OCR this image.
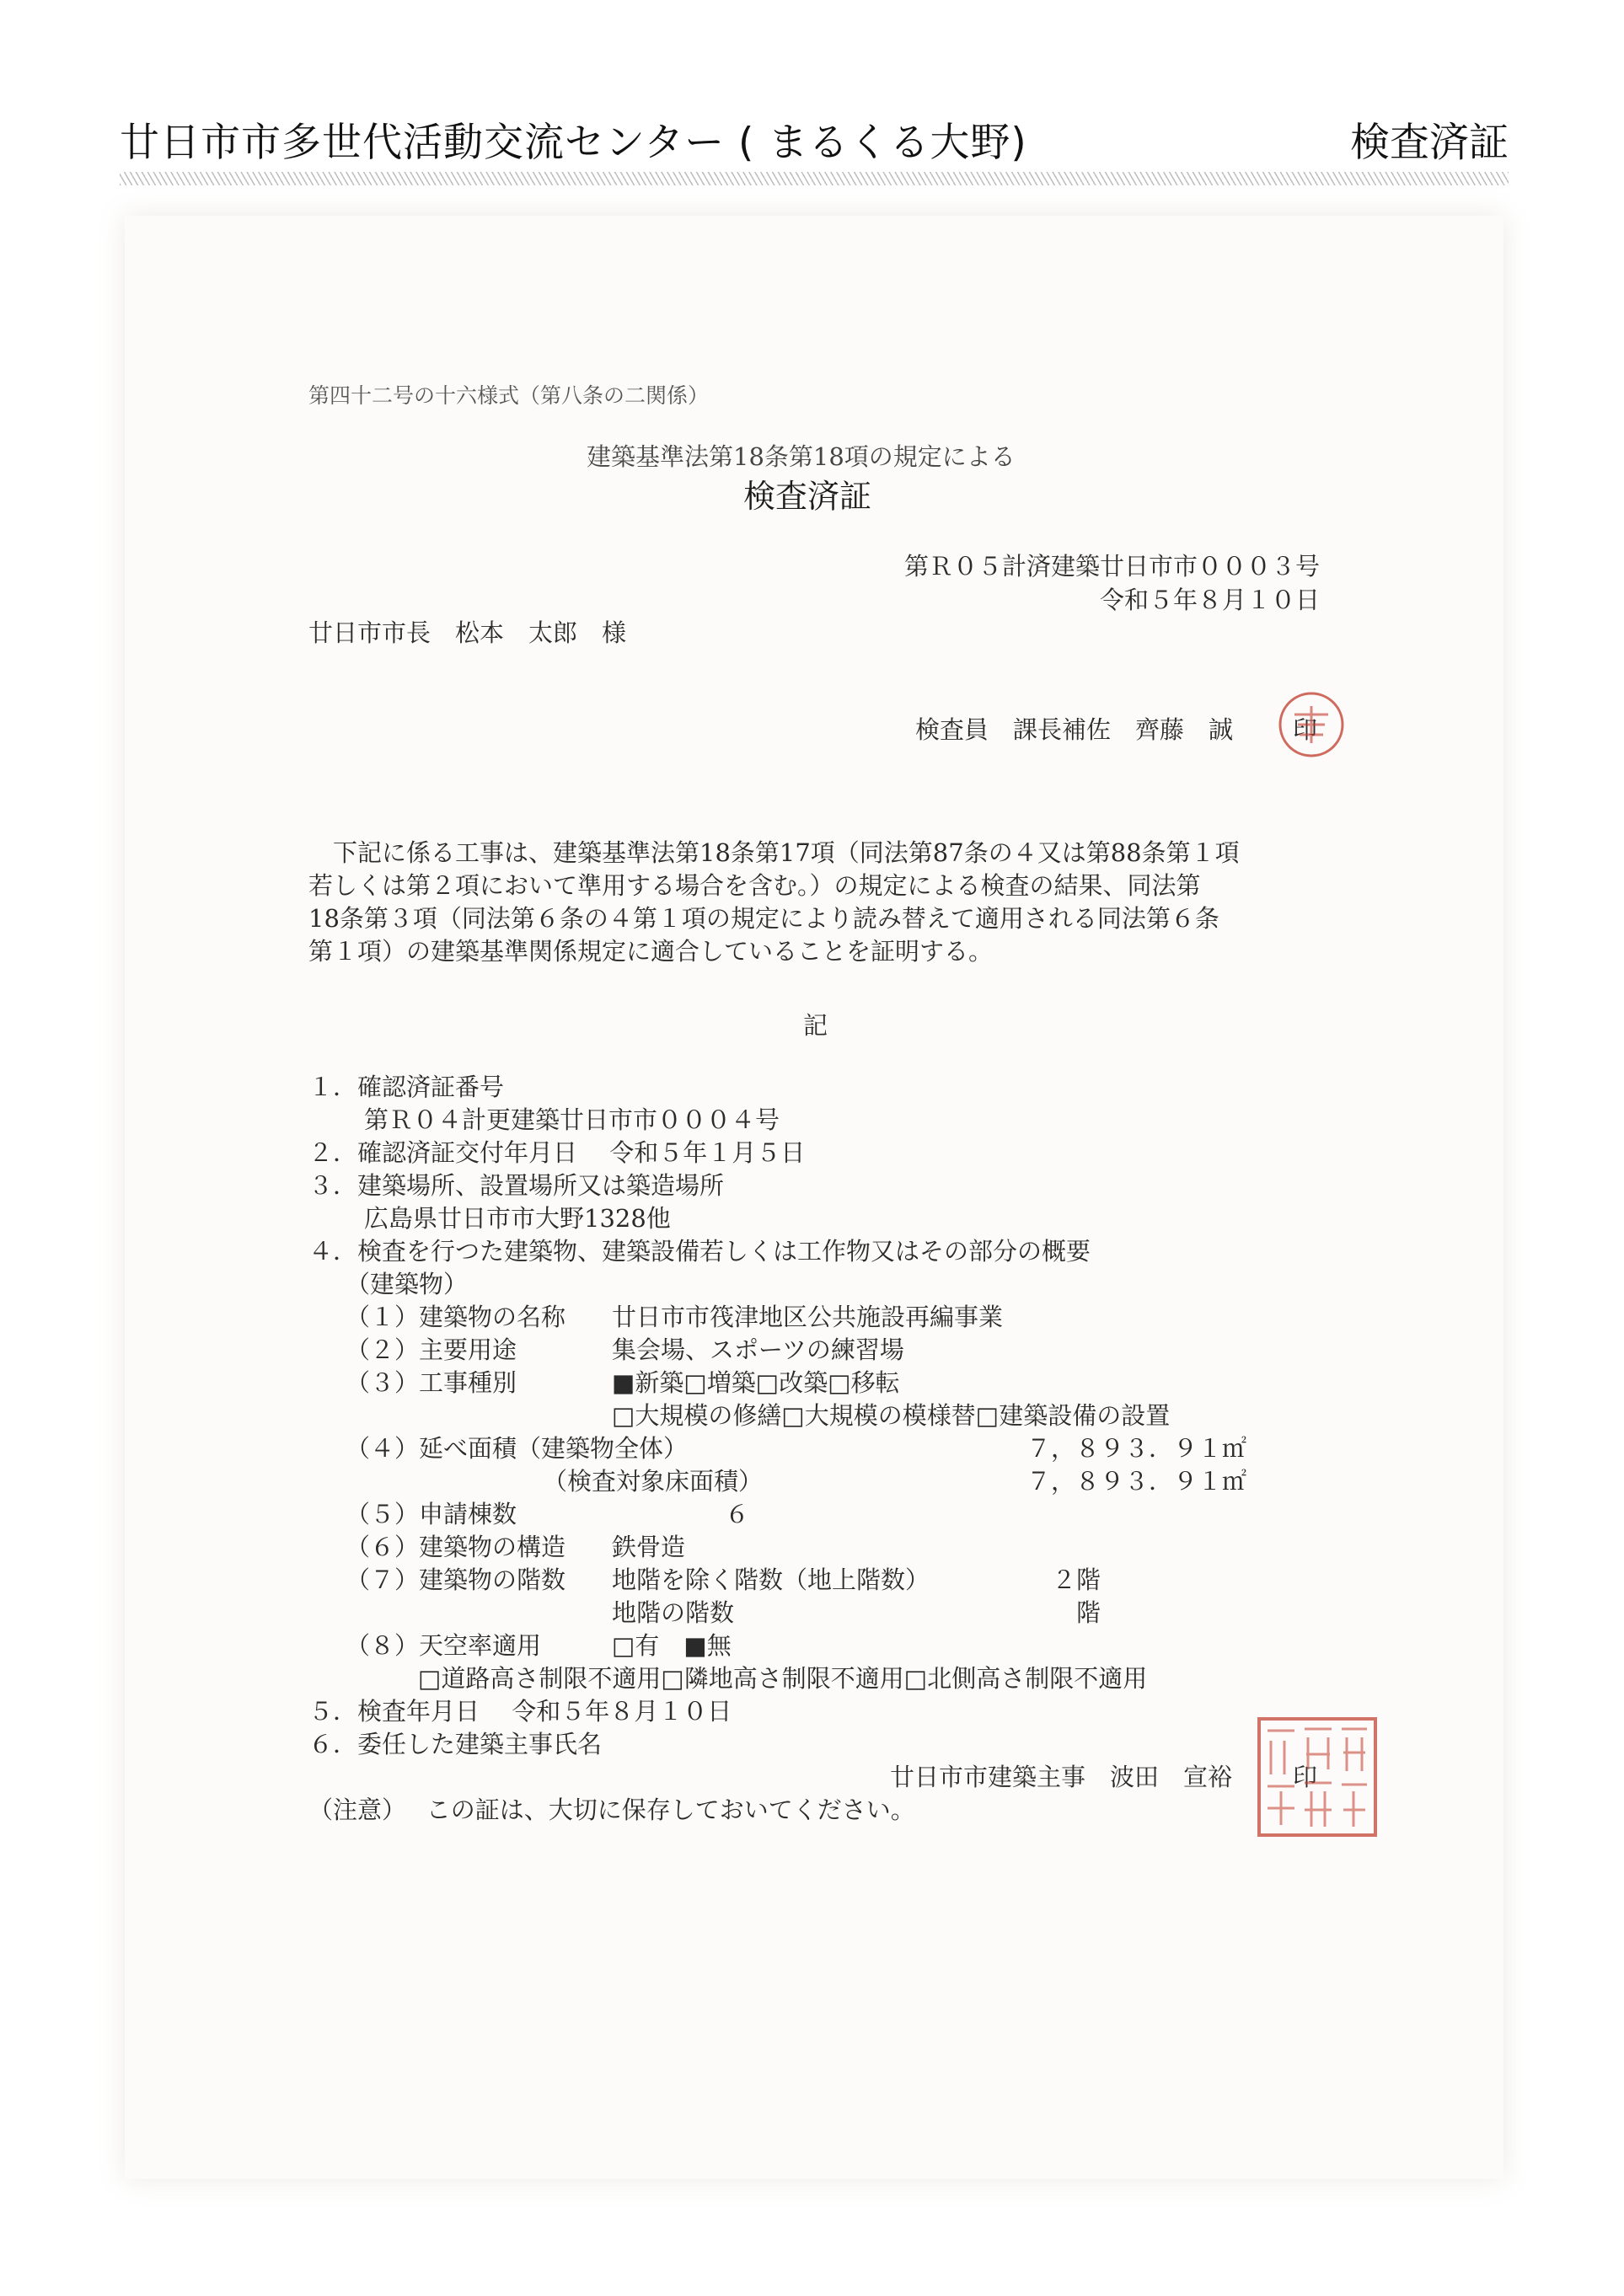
廿日市市多世代活動交流センター ( まるくる大野)	検査済証
第四十二号の十六様式（第八条の二関係）
建築基準法第18条第18項の規定による
検査済証
第Ｒ０５計済建築廿日市市０００３号
令和５年８月１０日
廿日市市長　松本　太郎　様
検査員　課長補佐　齊藤　誠 印
　下記に係る工事は、建築基準法第18条第17項（同法第87条の４又は第88条第１項
若しくは第２項において準用する場合を含む。）の規定による検査の結果、同法第
18条第３項（同法第６条の４第１項の規定により読み替えて適用される同法第６条
第１項）の建築基準関係規定に適合していることを証明する。
記
１．確認済証番号
第Ｒ０４計更建築廿日市市０００４号
２．確認済証交付年月日　 令和５年１月５日
３．建築場所、設置場所又は築造場所
広島県廿日市市大野1328他
４．検査を行つた建築物、建築設備若しくは工作物又はその部分の概要
（建築物）
（１）建築物の名称 廿日市市筏津地区公共施設再編事業
（２）主要用途	集会場、スポーツの練習場
（３）工事種別	■新築□増築□改築□移転
□大規模の修繕□大規模の模様替□建築設備の設置
（４）延べ面積（建築物全体）	７，８９３．９１㎡
（検査対象床面積）	７，８９３．９１㎡
（５）申請棟数	６
（６）建築物の構造 鉄骨造
（７）建築物の階数 地階を除く階数（地上階数）	２階
地階の階数	階
（８）天空率適用	□有　■無
□道路高さ制限不適用□隣地高さ制限不適用□北側高さ制限不適用
５．検査年月日　 令和５年８月１０日
６．委任した建築主事氏名
廿日市市建築主事　波田　宣裕 印
（注意）　 この証は、大切に保存しておいてください。
